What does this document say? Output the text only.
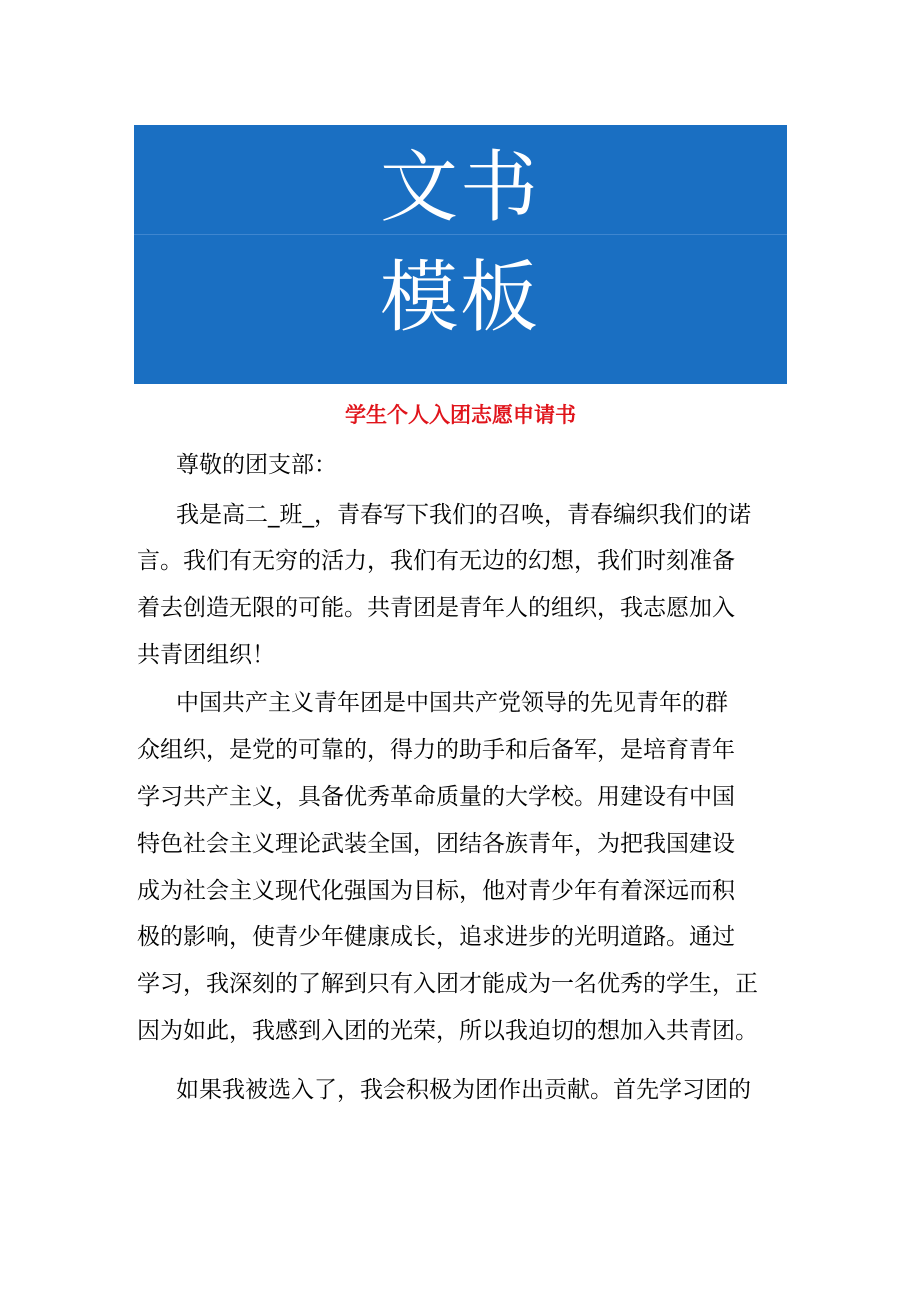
文书
模板
学生个人入团志愿申请书
尊敬的团支部：
我是高二_班_，青春写下我们的召唤，青春编织我们的诺
言。我们有无穷的活力，我们有无边的幻想，我们时刻准备
着去创造无限的可能。共青团是青年人的组织，我志愿加入
共青团组织！
中国共产主义青年团是中国共产党领导的先见青年的群
众组织，是党的可靠的，得力的助手和后备军，是培育青年
学习共产主义，具备优秀革命质量的大学校。用建设有中国
特色社会主义理论武装全国，团结各族青年，为把我国建设
成为社会主义现代化强国为目标，他对青少年有着深远而积
极的影响，使青少年健康成长，追求进步的光明道路。通过
学习，我深刻的了解到只有入团才能成为一名优秀的学生，正
因为如此，我感到入团的光荣，所以我迫切的想加入共青团。
如果我被选入了，我会积极为团作出贡献。首先学习团的
